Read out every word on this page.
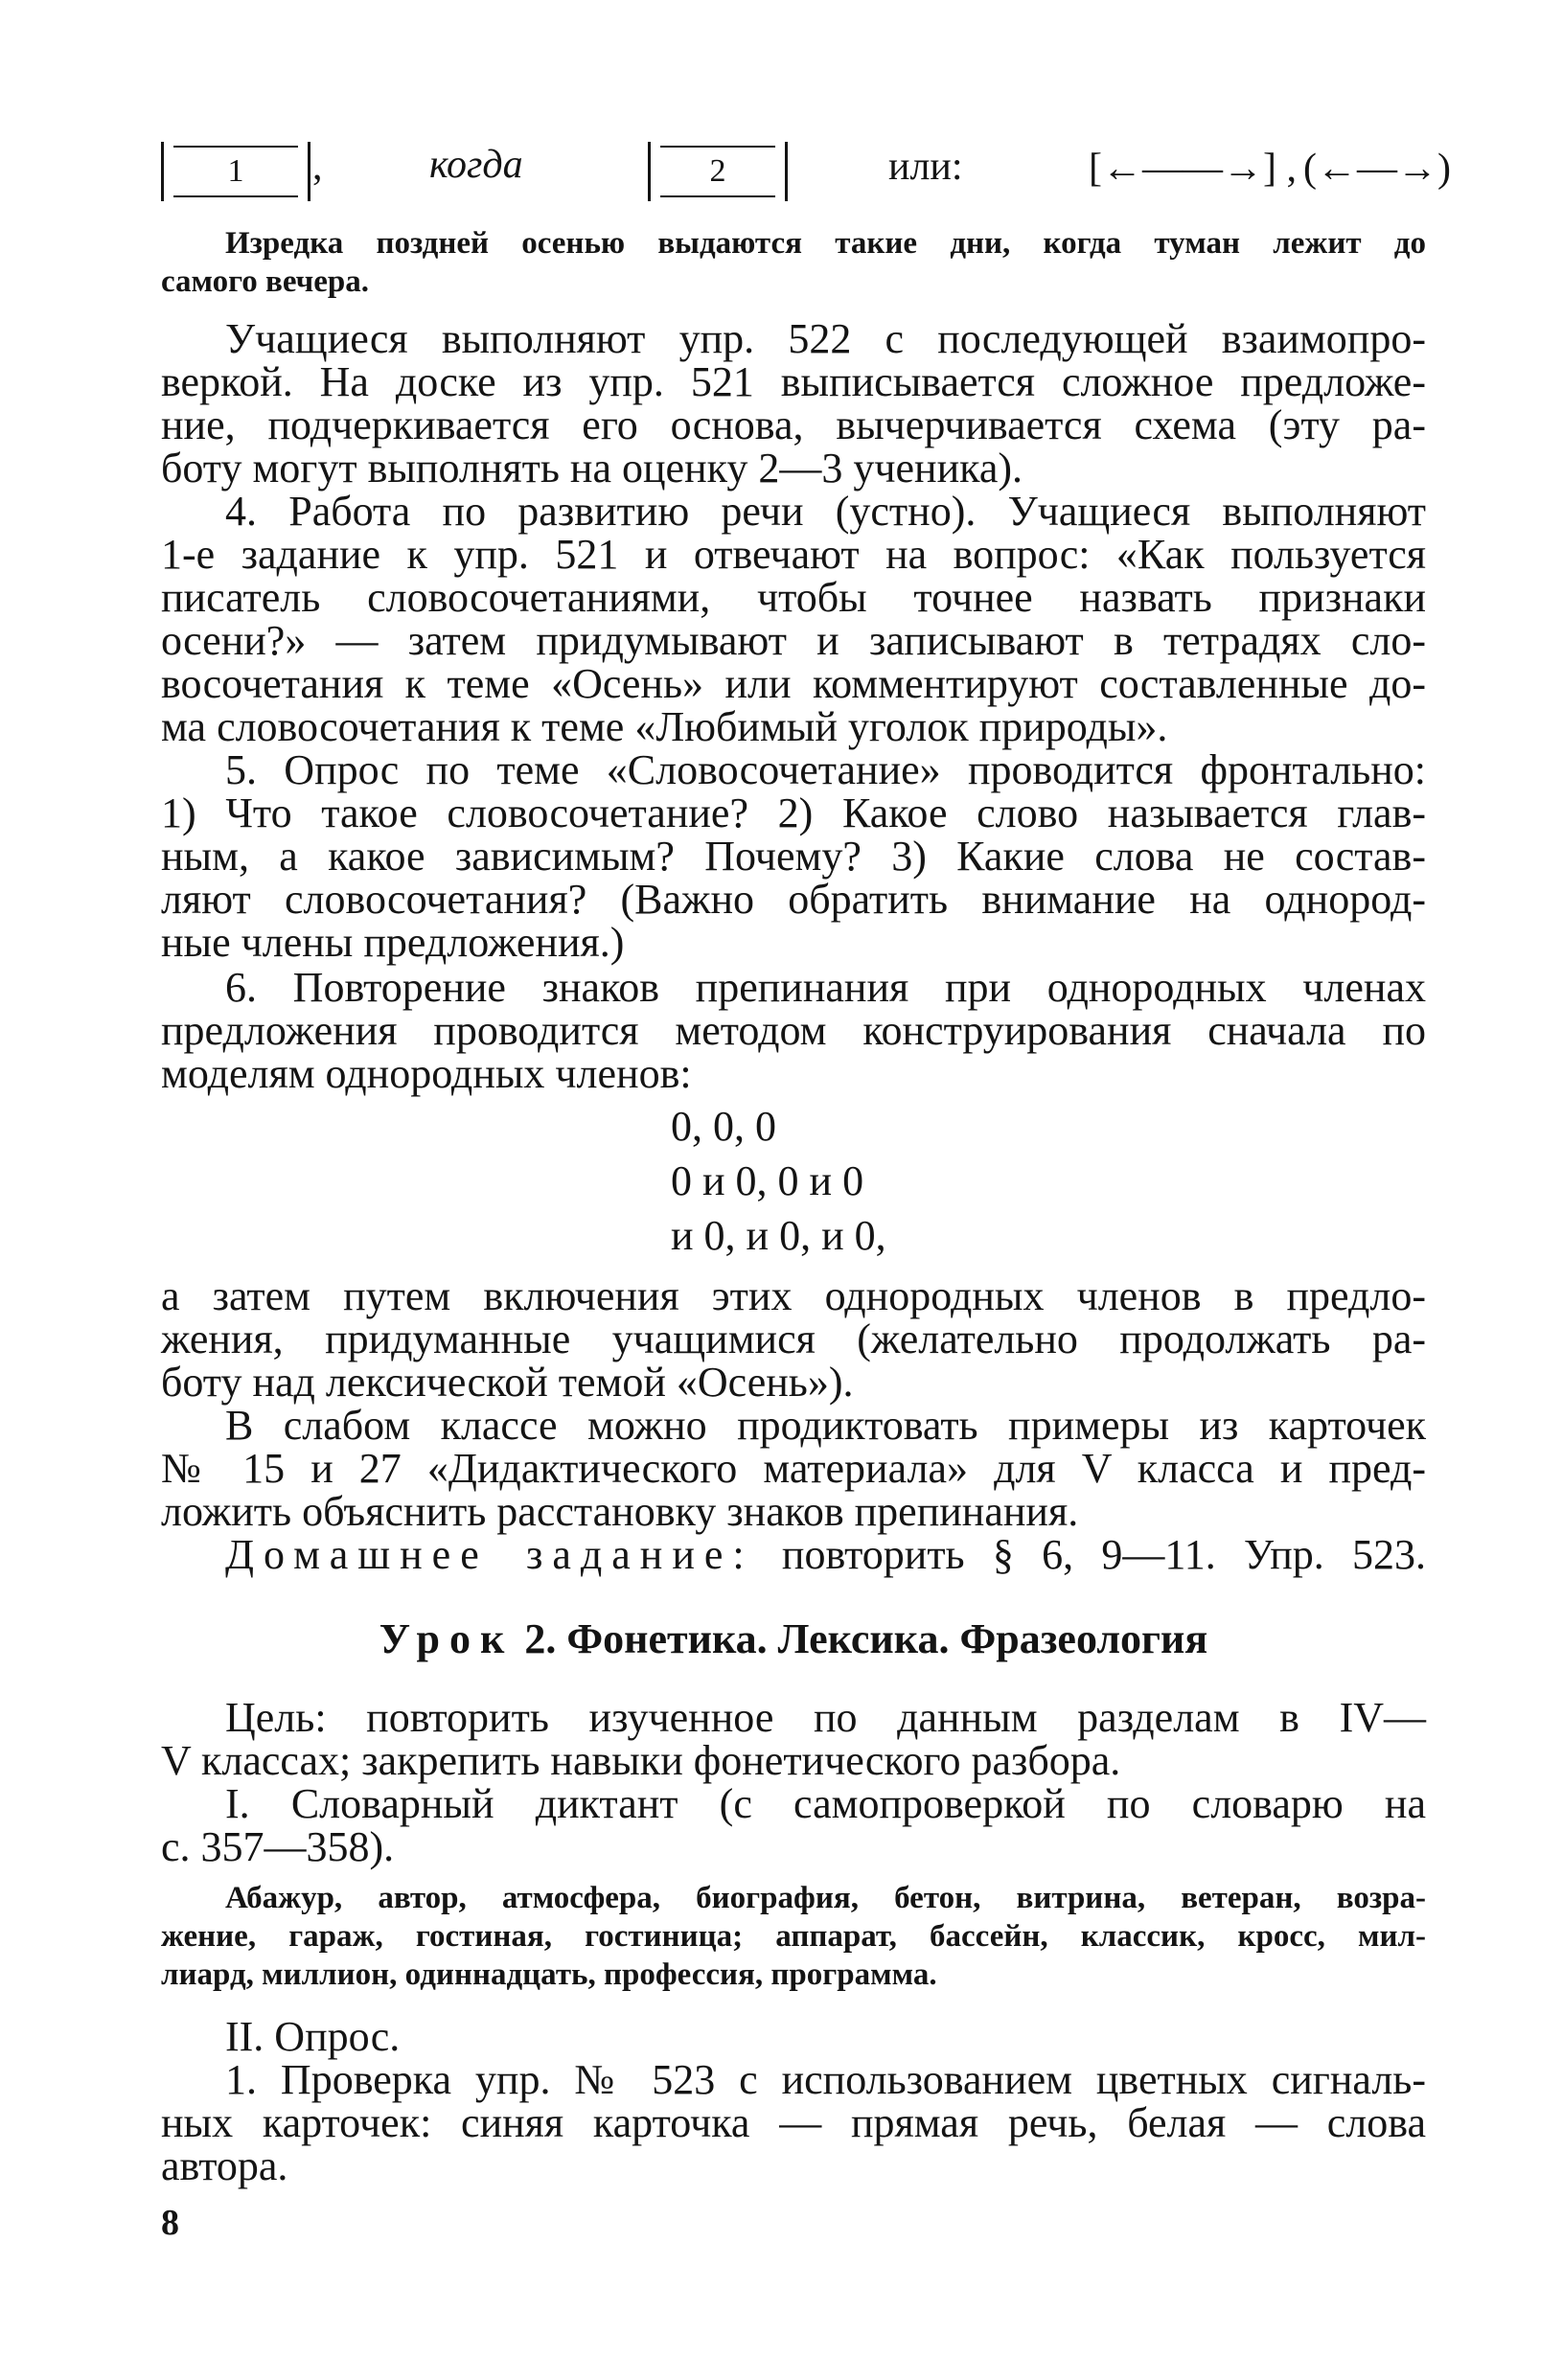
1	,	когда	2	или:	[←——→] , (←—→)
Изредка поздней осенью выдаются такие дни, когда туман лежит до
самого вечера.
Учащиеся выполняют упр. 522 с последующей взаимопро-
веркой. На доске из упр. 521 выписывается сложное предложе-
ние, подчеркивается его основа, вычерчивается схема (эту ра-
боту могут выполнять на оценку 2—3 ученика).
4. Работа по развитию речи (устно). Учащиеся выполняют
1-е задание к упр. 521 и отвечают на вопрос: «Как пользуется
писатель словосочетаниями, чтобы точнее назвать признаки
осени?» — затем придумывают и записывают в тетрадях сло-
восочетания к теме «Осень» или комментируют составленные до-
ма словосочетания к теме «Любимый уголок природы».
5. Опрос по теме «Словосочетание» проводится фронтально:
1) Что такое словосочетание? 2) Какое слово называется глав-
ным, а какое зависимым? Почему? 3) Какие слова не состав-
ляют словосочетания? (Важно обратить внимание на однород-
ные члены предложения.)
6. Повторение знаков препинания при однородных членах
предложения проводится методом конструирования сначала по
моделям однородных членов:
0, 0, 0
0 и 0, 0 и 0
и 0, и 0, и 0,
а затем путем включения этих однородных членов в предло-
жения, придуманные учащимися (желательно продолжать ра-
боту над лексической темой «Осень»).
В слабом классе можно продиктовать примеры из карточек
№ 15 и 27 «Дидактического материала» для V класса и пред-
ложить объяснить расстановку знаков препинания.
Домашнее задание: повторить § 6, 9—11. Упр. 523.
Урок 2. Фонетика. Лексика. Фразеология
Цель: повторить изученное по данным разделам в IV—
V классах; закрепить навыки фонетического разбора.
I. Словарный диктант (с самопроверкой по словарю на
с. 357—358).
Абажур, автор, атмосфера, биография, бетон, витрина, ветеран, возра-
жение, гараж, гостиная, гостиница; аппарат, бассейн, классик, кросс, мил-
лиард, миллион, одиннадцать, профессия, программа.
II. Опрос.
1. Проверка упр. № 523 с использованием цветных сигналь-
ных карточек: синяя карточка — прямая речь, белая — слова
автора.
8
